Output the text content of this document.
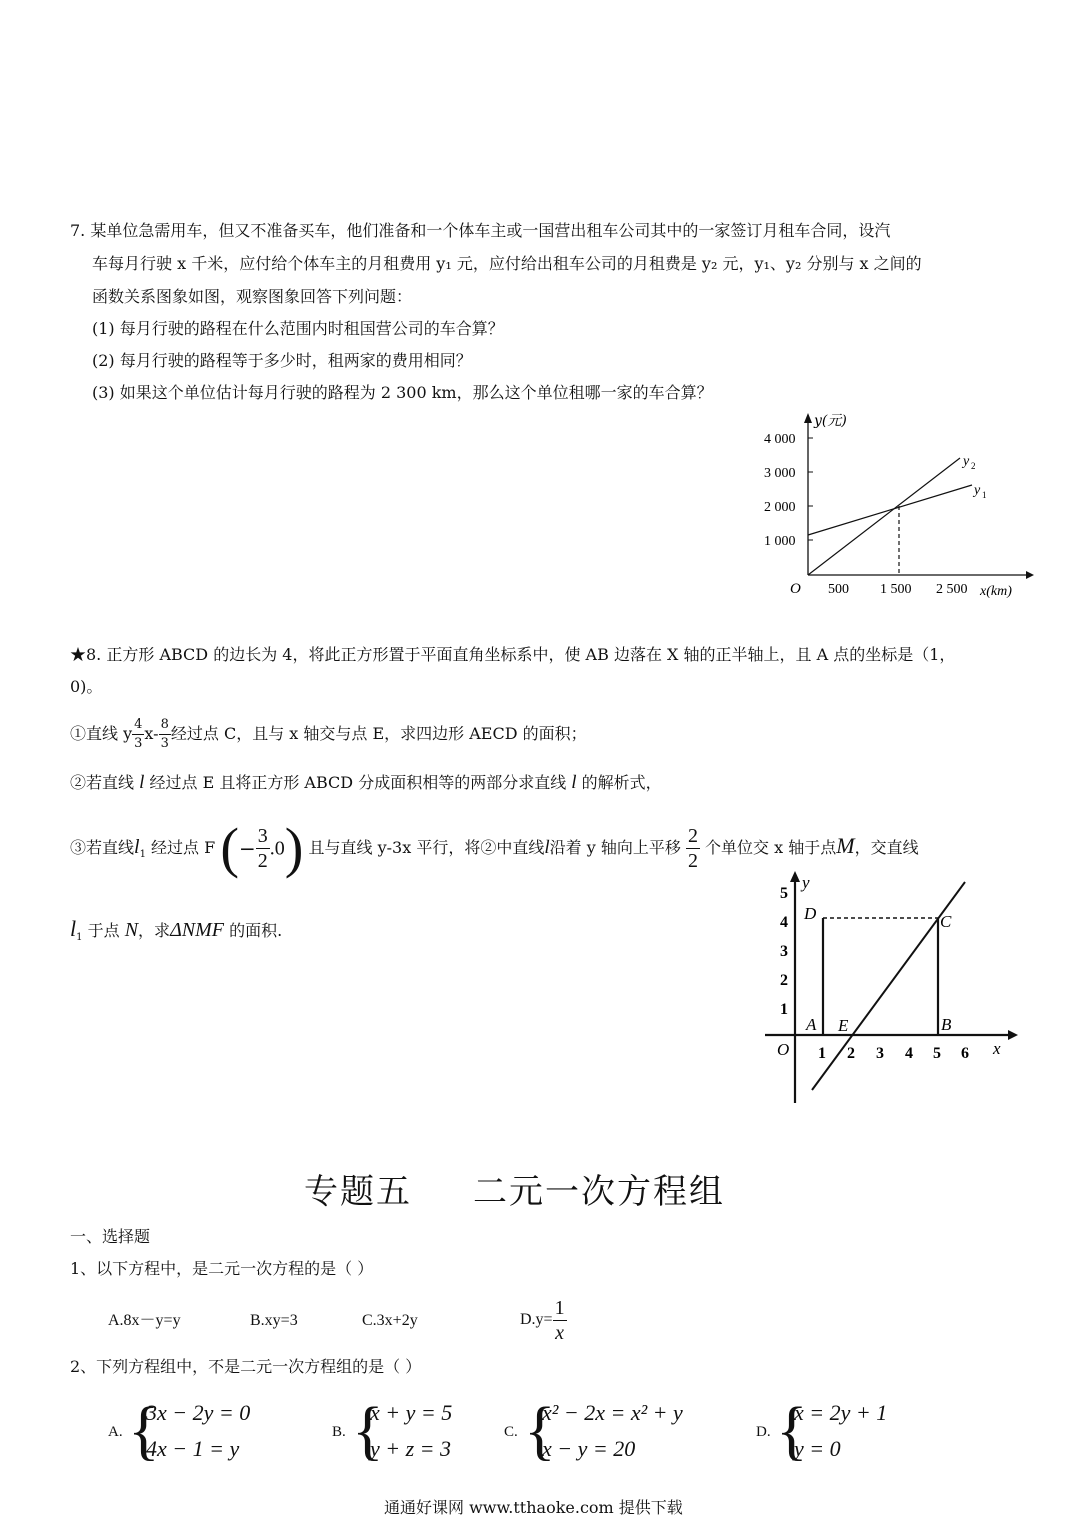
7. 某单位急需用车，但又不准备买车，他们准备和一个体车主或一国营出租车公司其中的一家签订月租车合同，设汽
车每月行驶 x 千米，应付给个体车主的月租费用 y₁ 元，应付给出租车公司的月租费是 y₂ 元，y₁、y₂ 分别与 x 之间的
函数关系图象如图，观察图象回答下列问题：
(1) 每月行驶的路程在什么范围内时租国营公司的车合算？
(2) 每月行驶的路程等于多少时，租两家的费用相同？
(3) 如果这个单位估计每月行驶的路程为 2 300 km，那么这个单位租哪一家的车合算？
1 000
2 000
3 000
4 000
O 500 1 500 2 500 x(km)
y(元)
y 2
y 1
★8. 正方形 ABCD 的边长为 4，将此正方形置于平面直角坐标系中，使 AB 边落在 X 轴的正半轴上，且 A 点的坐标是（1，
0)。
①直线 y $\frac{4}{3} x- \frac{8}{3}$ 经过点 C，且与 x 轴交与点 E，求四边形 AECD 的面积；
②若直线 l 经过点 E 且将正方形 ABCD 分成面积相等的两部分求直线 l 的解析式，
③若直线$l_1$ 经过点 F (− $\frac{3}{2} .0$) 且与直线 y-3x 平行，将②中直线l沿着 y 轴向上平移 $\frac{2}{2}$ 个单位交 x 轴于点M，交直线
$l_1$ 于点 N，求ΔNMF 的面积.
1 2 3 4 5 6
1
2
3
4
5
O
y
x
D	C
A E	B
专题五 二元一次方程组
一、选择题
1、以下方程中，是二元一次方程的是（ ）
A.8x－y=y	B.xy=3	C.3x+2y	$D.y= \frac{1}{x}$
2、下列方程组中，不是二元一次方程组的是（ ）
A. {
3x − 2y = 0
4x − 1 = y
B. {
x + y = 5
y + z = 3
C. {
x² − 2x = x² + y
x − y = 20
D. {
x = 2y + 1
y = 0
通通好课网 www.tthaoke.com 提供下载
